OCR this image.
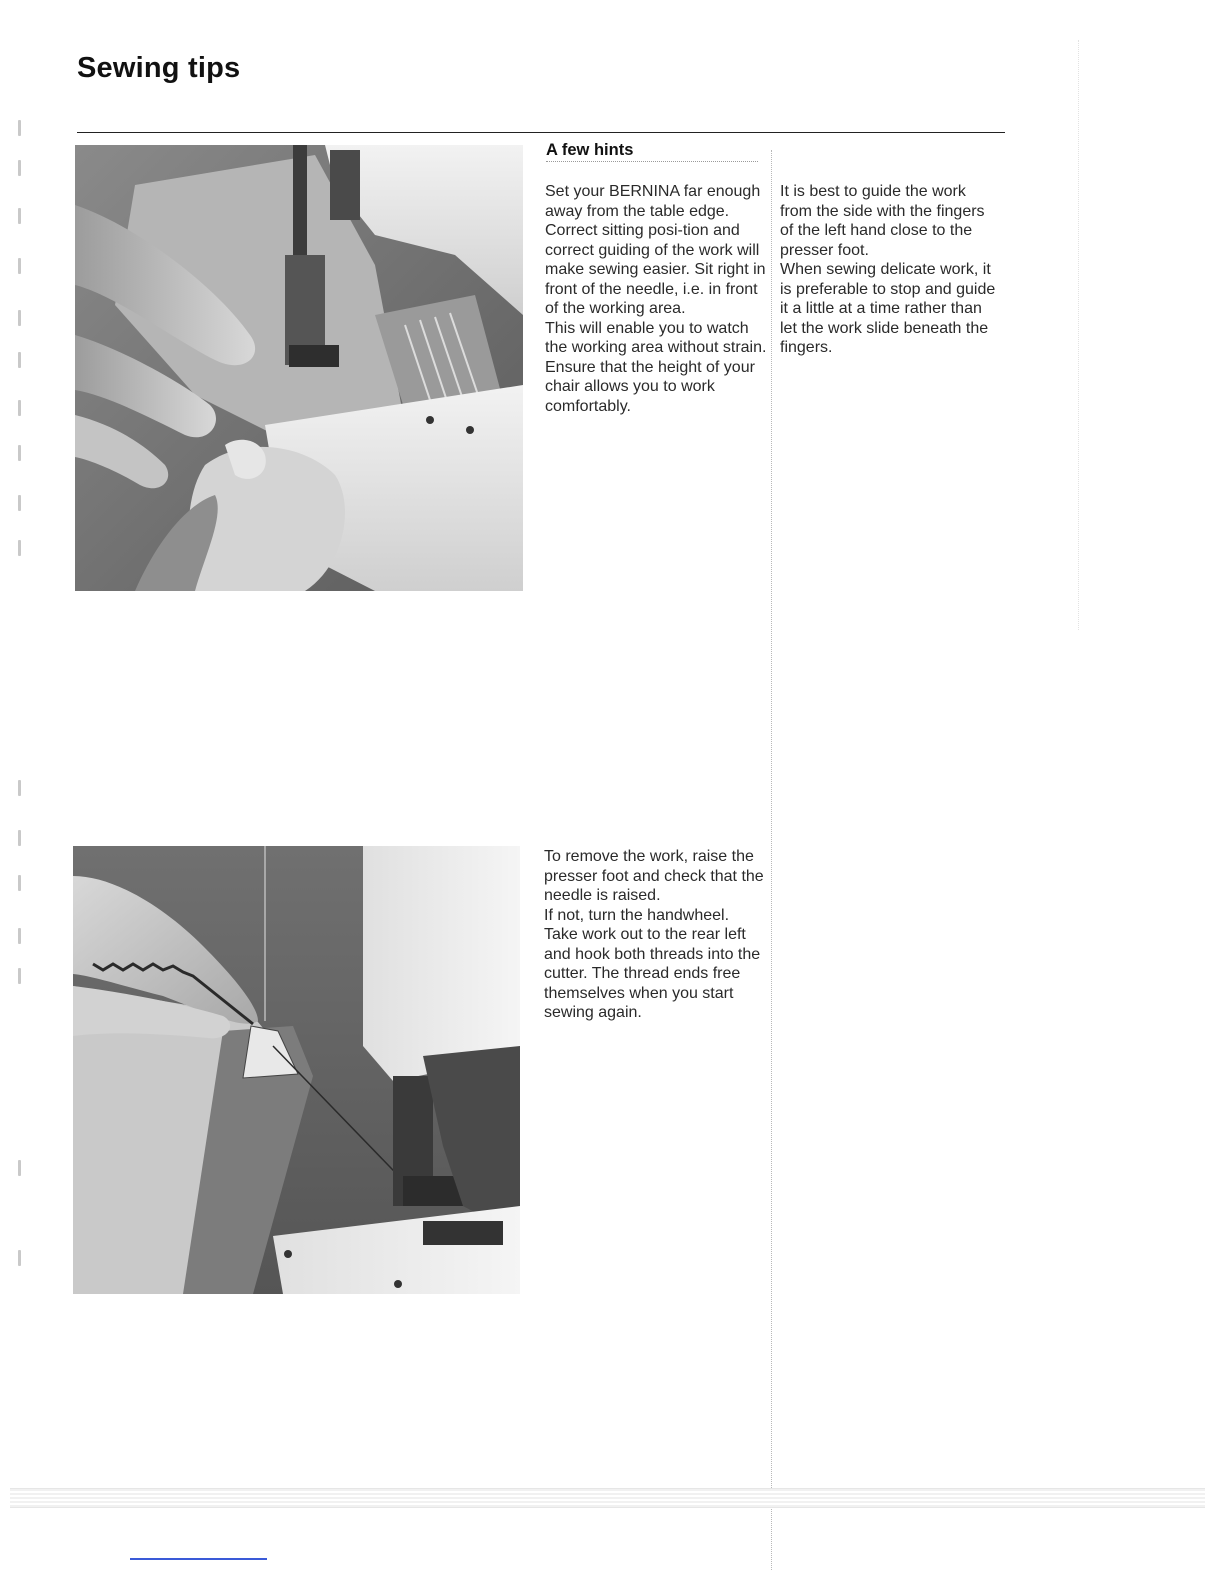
Sewing tips
A few hints

Set your BERNINA far enough away from the table edge. Correct sitting posi-tion and correct guiding of the work will make sewing easier. Sit right in front of the needle, i.e. in front of the working area.

This will enable you to watch the working area without strain.

Ensure that the height of your chair allows you to work comfortably.

It is best to guide the work from the side with the fingers of the left hand close to the presser foot.

When sewing delicate work, it is preferable to stop and guide it a little at a time rather than let the work slide beneath the fingers.

To remove the work, raise the presser foot and check that the needle is raised.

If not, turn the handwheel.

Take work out to the rear left and hook both threads into the cutter. The thread ends free themselves when you start sewing again.
